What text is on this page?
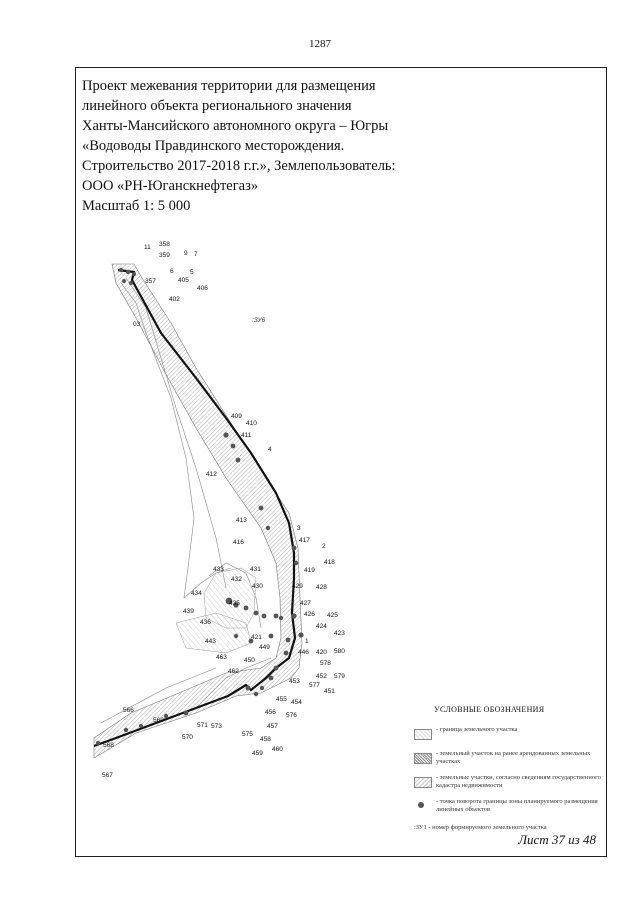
1287
Проект межевания территории для размещения
линейного объекта регионального значения
Ханты-Мансийского автономного округа – Югры
«Водоводы Правдинского месторождения.
Строительство 2017-2018 г.г.», Землепользователь:
ООО «РН-Юганскнефтегаз»
Масштаб 1: 5 000
:ЗУ6
11 358
9 7
359
6	5
405
357
406
402
03
409
410
411
4
412
413
3
417
416
2
418
419
433	431
432
430	428
434
429
435	427
439
436
426 425
424
423
421
443	1
449
420 580
446
463	450	578
462
452 579
453
577
451
455 454
456 576
566
569
571 573	457
570	575
458
460
459
568
567
УСЛОВНЫЕ ОБОЗНАЧЕНИЯ
- граница земельного участка
- земельный участок на ранее арендованных земельных участках
- земельные участки, согласно сведениям государственного кадастра недвижимости
- точка поворота границы зоны планируемого размещения линейных объектов
:ЗУ1 - номер формируемого земельного участка
Лист 37 из 48
